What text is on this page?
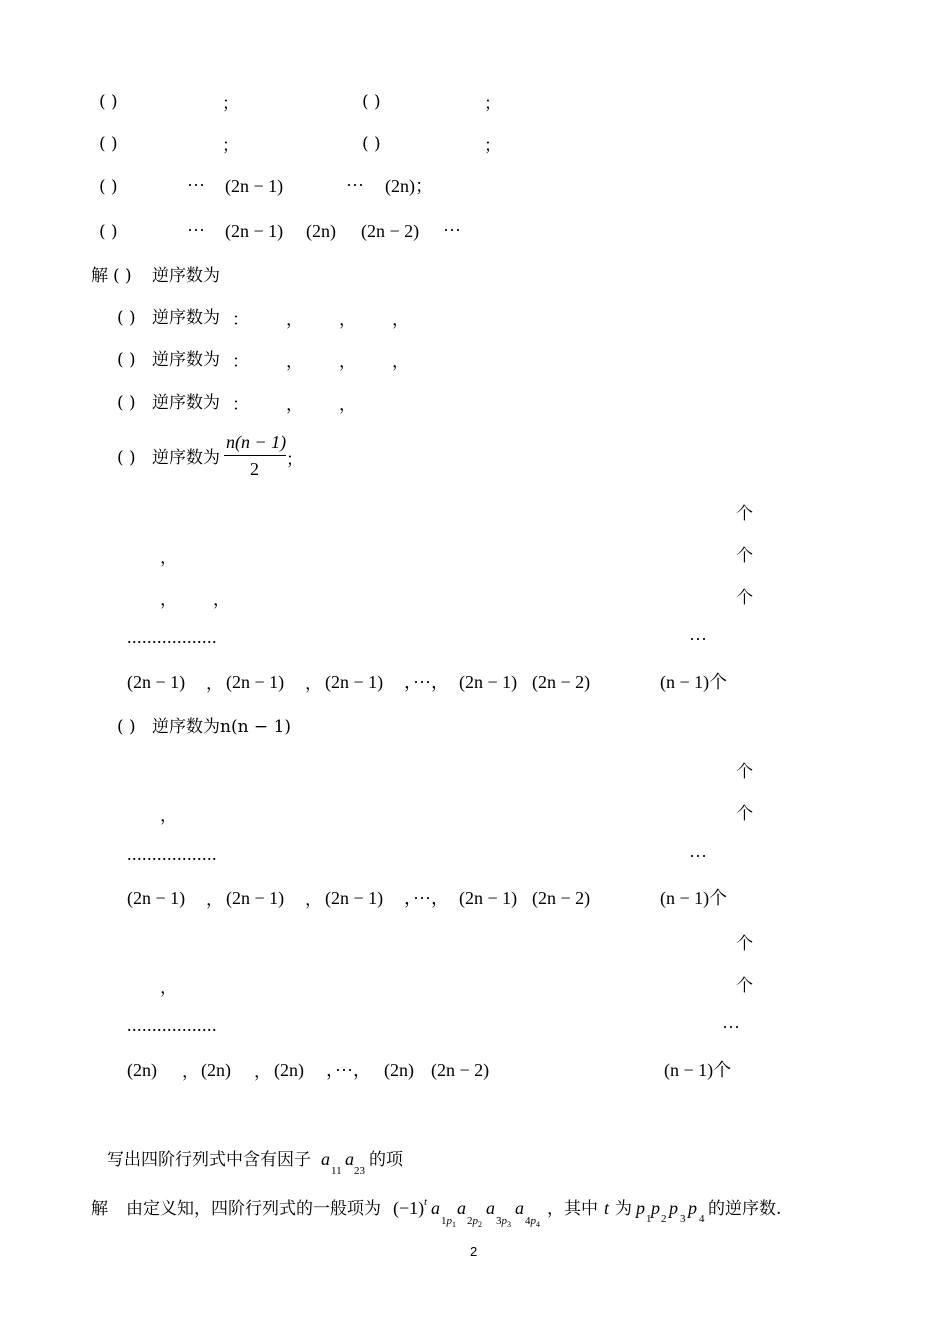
( )	；	( )	；
( )	；	( )	；
( )	··· (2n − 1)	··· (2n)；
( )	··· (2n − 1) (2n) (2n − 2) ···
解 ( ) 逆序数为
( ) 逆序数为 ： ， ， ，
( ) 逆序数为 ： ， ， ，
( ) 逆序数为 ： ， ，
( ) 逆序数为
n(n − 1)
2 ；
个
，	个
， ，	个
..................	···
(2n − 1) ， (2n − 1) ， (2n − 1) ，···， (2n − 1) (2n − 2)	(n − 1)个
( ) 逆序数为n(n − 1)
个
，	个
..................	···
(2n − 1) ， (2n − 1) ， (2n − 1) ，···， (2n − 1) (2n − 2)	(n − 1)个
个
，	个
..................	···
(2n) ， (2n) ， (2n) ，···， (2n) (2n − 2)	(n − 1)个
写出四阶行列式中含有因子 a
11
a
23
的项
解 由定义知，四阶行列式的一般项为 (−1) t a
$1p_1$
a
$2p_2$
a
$3p_3$
a
$4p_4$
，其中 t 为 p
1
p
2
p
3
p
4 的逆序数.
2
